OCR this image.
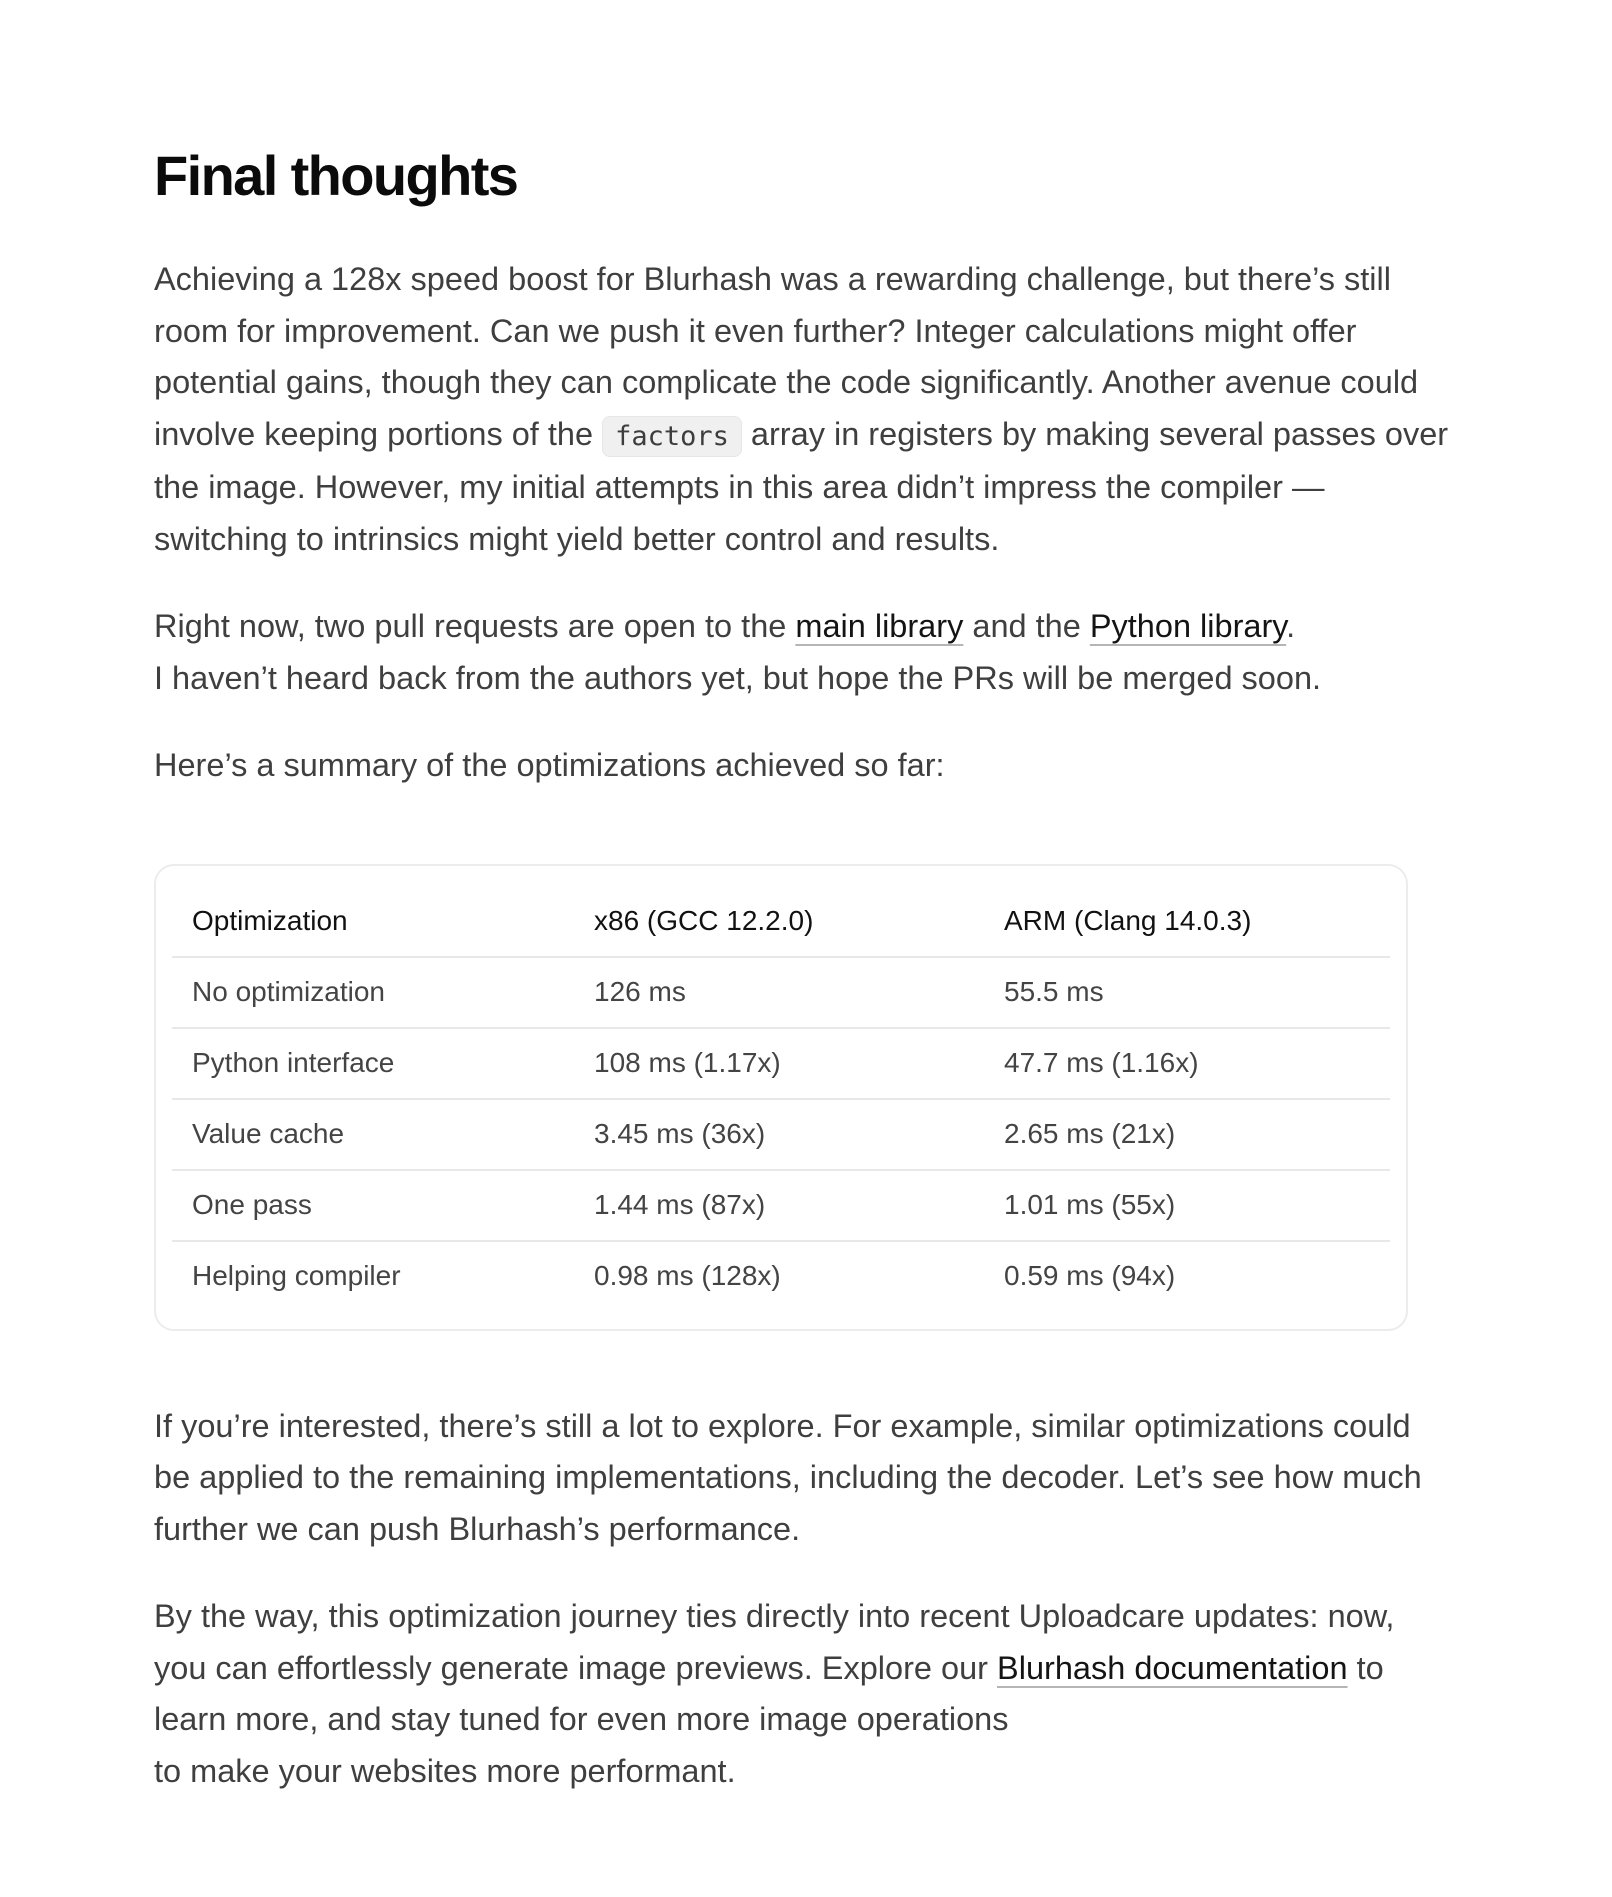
Final thoughts

Achieving a 128x speed boost for Blurhash was a rewarding challenge, but there’s still room for improvement. Can we push it even further? Integer calculations might offer potential gains, though they can complicate the code significantly. Another avenue could involve keeping portions of the factors array in registers by making several passes over the image. However, my initial attempts in this area didn’t impress the compiler — switching to intrinsics might yield better control and results.

Right now, two pull requests are open to the main library and the Python library.
I haven’t heard back from the authors yet, but hope the PRs will be merged soon.

Here’s a summary of the optimizations achieved so far:

Optimization	x86 (GCC 12.2.0)	ARM (Clang 14.0.3)
No optimization	126 ms	55.5 ms
Python interface	108 ms (1.17x)	47.7 ms (1.16x)
Value cache	3.45 ms (36x)	2.65 ms (21x)
One pass	1.44 ms (87x)	1.01 ms (55x)
Helping compiler	0.98 ms (128x)	0.59 ms (94x)

If you’re interested, there’s still a lot to explore. For example, similar optimizations could be applied to the remaining implementations, including the decoder. Let’s see how much further we can push Blurhash’s performance.

By the way, this optimization journey ties directly into recent Uploadcare updates: now, you can effortlessly generate image previews. Explore our Blurhash documentation to learn more, and stay tuned for even more image operations
to make your websites more performant.
